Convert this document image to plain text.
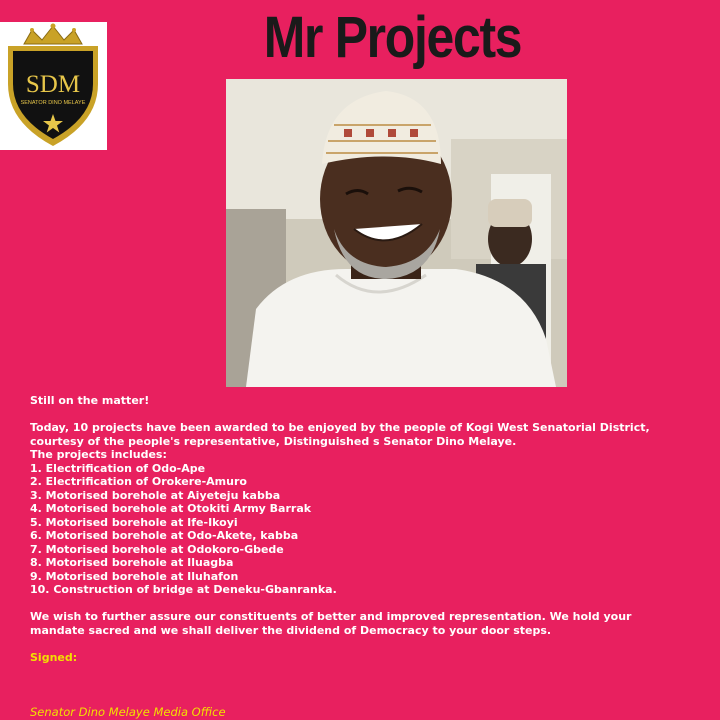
SDM
SENATOR DINO MELAYE
Mr Projects

Still on the matter!

Today, 10 projects have been awarded to be enjoyed by the people of Kogi West Senatorial District, courtesy of the people's representative, Distinguished s Senator Dino Melaye.

The projects includes:

1. Electrification of Odo-Ape
2. Electrification of Orokere-Amuro
3. Motorised borehole at Aiyeteju kabba
4. Motorised borehole at Otokiti Army Barrak
5. Motorised borehole at Ife-Ikoyi
6. Motorised borehole at Odo-Akete, kabba
7. Motorised borehole at Odokoro-Gbede
8. Motorised borehole at Iluagba
9. Motorised borehole at Iluhafon
10. Construction of bridge at Deneku-Gbanranka.

We wish to further assure our constituents of better and improved representation. We hold your mandate sacred and we shall deliver the dividend of Democracy to your door steps.

Signed:

Senator Dino Melaye Media Office
